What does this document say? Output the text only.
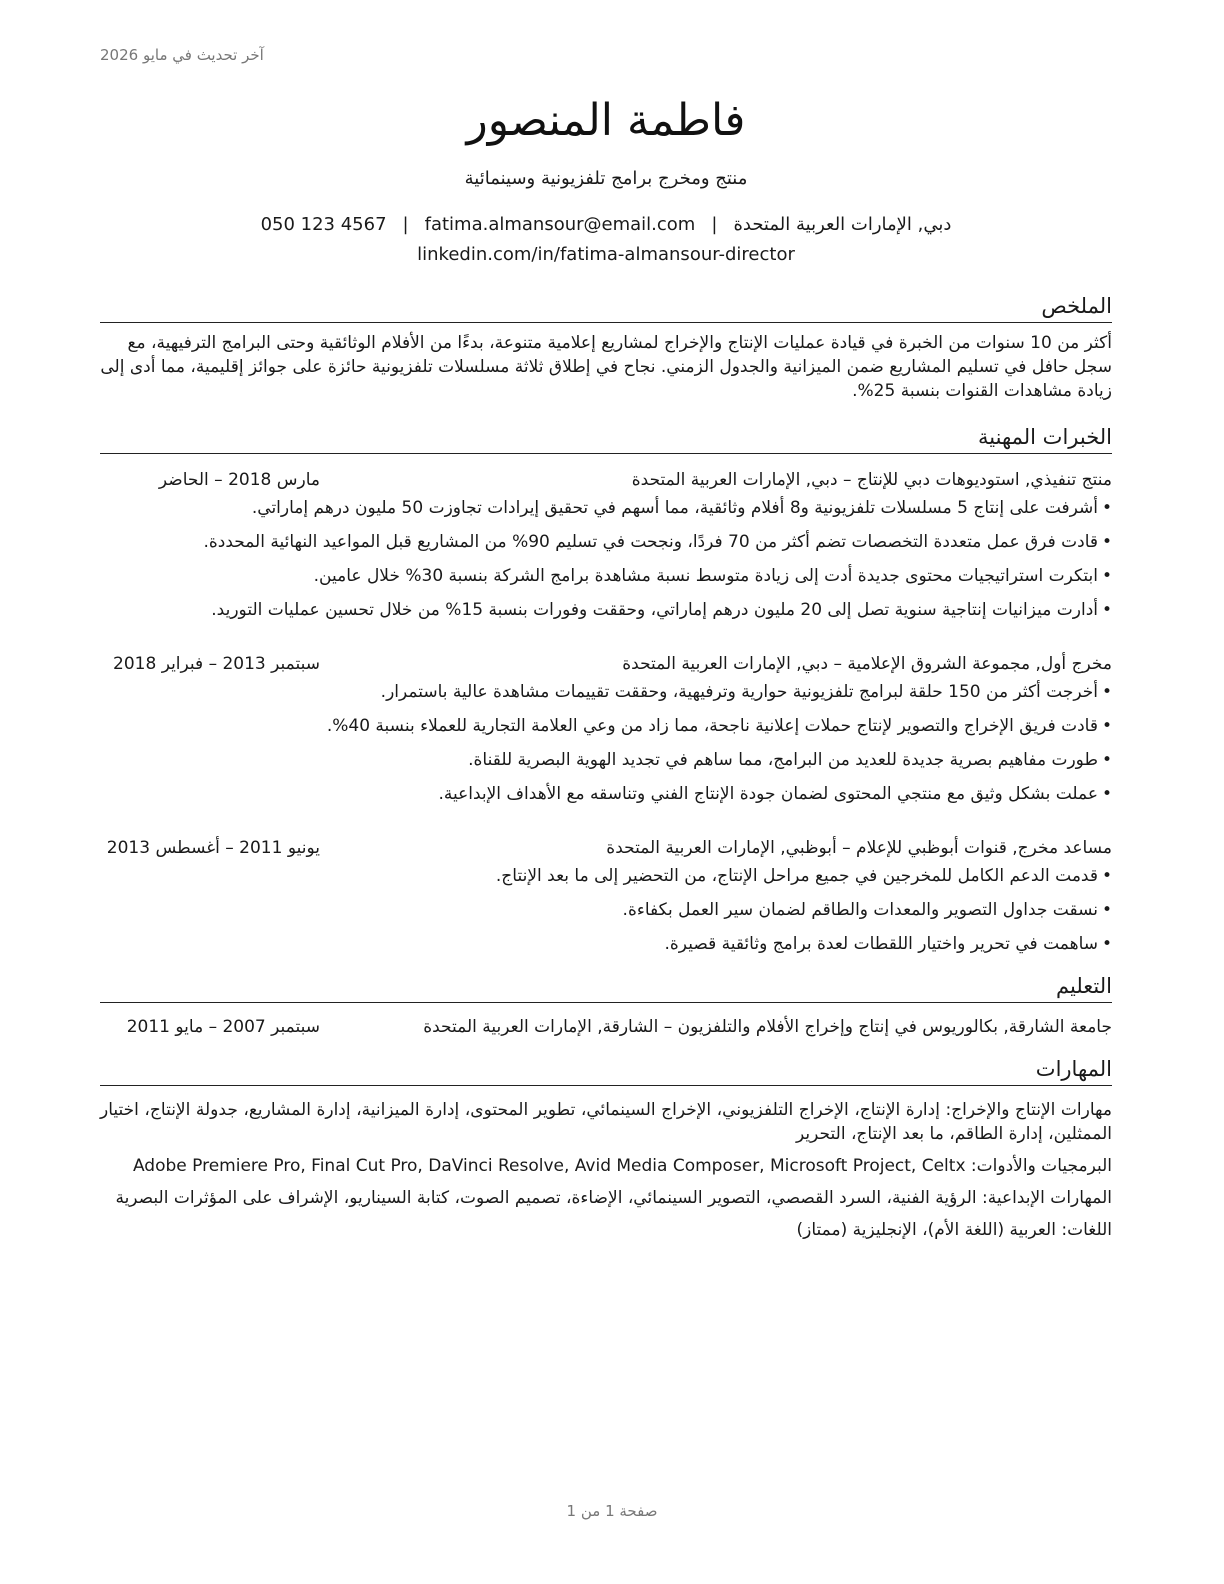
آخر تحديث في مايو 2026
فاطمة المنصور
منتج ومخرج برامج تلفزيونية وسينمائية
050 123 4567 | fatima.almansour@email.com | دبي, الإمارات العربية المتحدة
linkedin.com/in/fatima-almansour-director
الملخص

أكثر من 10 سنوات من الخبرة في قيادة عمليات الإنتاج والإخراج لمشاريع إعلامية متنوعة، بدءًا من الأفلام الوثائقية وحتى البرامج الترفيهية، مع سجل حافل في تسليم المشاريع ضمن الميزانية والجدول الزمني. نجاح في إطلاق ثلاثة مسلسلات تلفزيونية حائزة على جوائز إقليمية، مما أدى إلى زيادة مشاهدات القنوات بنسبة 25%.

الخبرات المهنية
منتج تنفيذي, استوديوهات دبي للإنتاج – دبي, الإمارات العربية المتحدة
مارس 2018 – الحاضر
• أشرفت على إنتاج 5 مسلسلات تلفزيونية و8 أفلام وثائقية، مما أسهم في تحقيق إيرادات تجاوزت 50 مليون درهم إماراتي.
• قادت فرق عمل متعددة التخصصات تضم أكثر من 70 فردًا، ونجحت في تسليم 90% من المشاريع قبل المواعيد النهائية المحددة.
• ابتكرت استراتيجيات محتوى جديدة أدت إلى زيادة متوسط نسبة مشاهدة برامج الشركة بنسبة 30% خلال عامين.
• أدارت ميزانيات إنتاجية سنوية تصل إلى 20 مليون درهم إماراتي، وحققت وفورات بنسبة 15% من خلال تحسين عمليات التوريد.
مخرج أول, مجموعة الشروق الإعلامية – دبي, الإمارات العربية المتحدة
سبتمبر 2013 – فبراير 2018
• أخرجت أكثر من 150 حلقة لبرامج تلفزيونية حوارية وترفيهية، وحققت تقييمات مشاهدة عالية باستمرار.
• قادت فريق الإخراج والتصوير لإنتاج حملات إعلانية ناجحة، مما زاد من وعي العلامة التجارية للعملاء بنسبة 40%.
• طورت مفاهيم بصرية جديدة للعديد من البرامج، مما ساهم في تجديد الهوية البصرية للقناة.
• عملت بشكل وثيق مع منتجي المحتوى لضمان جودة الإنتاج الفني وتناسقه مع الأهداف الإبداعية.
مساعد مخرج, قنوات أبوظبي للإعلام – أبوظبي, الإمارات العربية المتحدة
يونيو 2011 – أغسطس 2013
• قدمت الدعم الكامل للمخرجين في جميع مراحل الإنتاج، من التحضير إلى ما بعد الإنتاج.
• نسقت جداول التصوير والمعدات والطاقم لضمان سير العمل بكفاءة.
• ساهمت في تحرير واختيار اللقطات لعدة برامج وثائقية قصيرة.
التعليم
جامعة الشارقة, بكالوريوس في إنتاج وإخراج الأفلام والتلفزيون – الشارقة, الإمارات العربية المتحدة
سبتمبر 2007 – مايو 2011
المهارات

مهارات الإنتاج والإخراج: إدارة الإنتاج، الإخراج التلفزيوني، الإخراج السينمائي، تطوير المحتوى، إدارة الميزانية، إدارة المشاريع، جدولة الإنتاج، اختيار الممثلين، إدارة الطاقم، ما بعد الإنتاج، التحرير

البرمجيات والأدوات: Adobe Premiere Pro, Final Cut Pro, DaVinci Resolve, Avid Media Composer, Microsoft Project, Celtx

المهارات الإبداعية: الرؤية الفنية، السرد القصصي، التصوير السينمائي، الإضاءة، تصميم الصوت، كتابة السيناريو، الإشراف على المؤثرات البصرية

اللغات: العربية (اللغة الأم)، الإنجليزية (ممتاز)

صفحة 1 من 1
